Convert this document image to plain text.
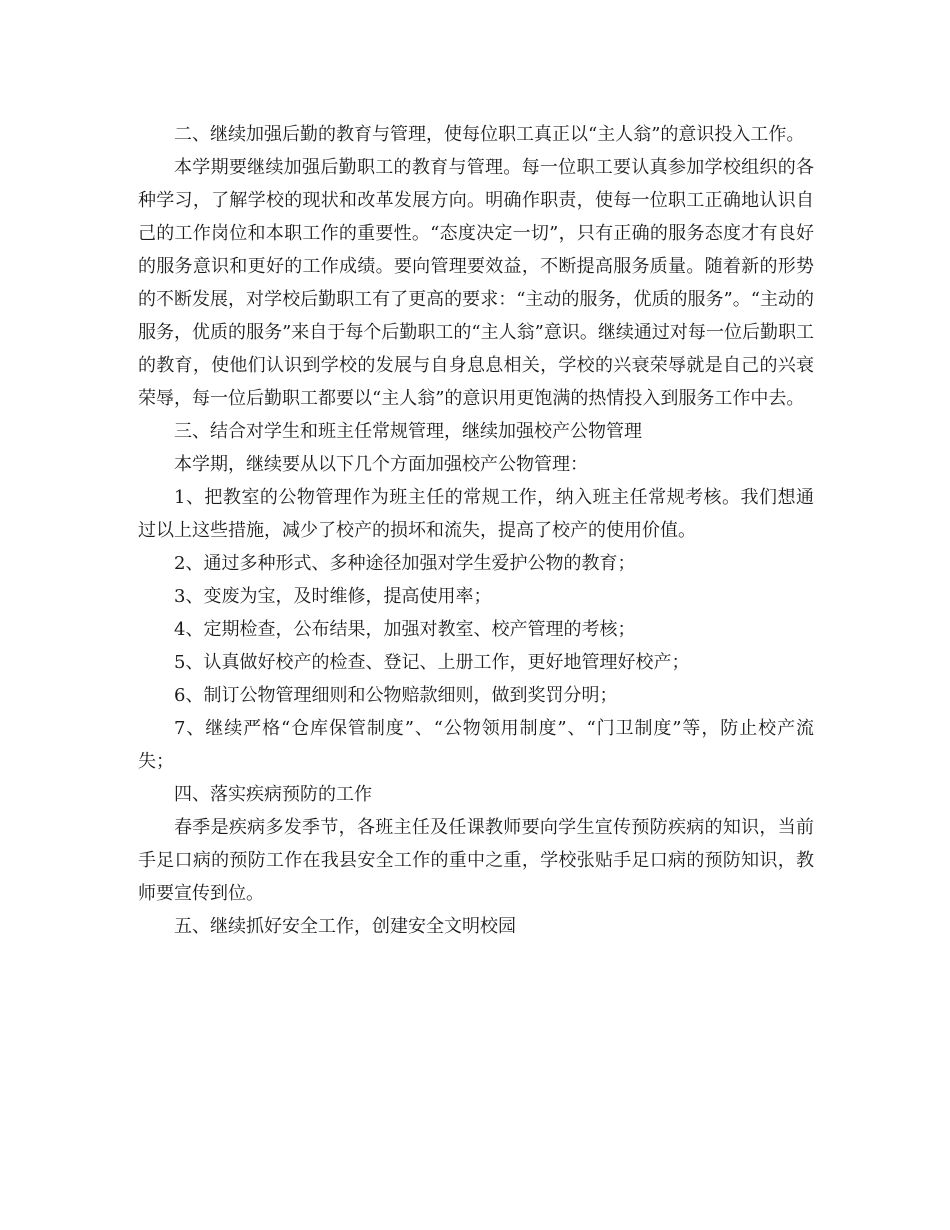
二、继续加强后勤的教育与管理，使每位职工真正以“主人翁”的意识投入工作。

本学期要继续加强后勤职工的教育与管理。每一位职工要认真参加学校组织的各种学习，了解学校的现状和改革发展方向。明确作职责，使每一位职工正确地认识自己的工作岗位和本职工作的重要性。“态度决定一切”，只有正确的服务态度才有良好的服务意识和更好的工作成绩。要向管理要效益，不断提高服务质量。随着新的形势的不断发展，对学校后勤职工有了更高的要求：“主动的服务，优质的服务”。“主动的服务，优质的服务”来自于每个后勤职工的“主人翁”意识。继续通过对每一位后勤职工的教育，使他们认识到学校的发展与自身息息相关，学校的兴衰荣辱就是自己的兴衰荣辱，每一位后勤职工都要以“主人翁”的意识用更饱满的热情投入到服务工作中去。

三、结合对学生和班主任常规管理，继续加强校产公物管理

本学期，继续要从以下几个方面加强校产公物管理：

1、把教室的公物管理作为班主任的常规工作，纳入班主任常规考核。我们想通过以上这些措施，减少了校产的损坏和流失，提高了校产的使用价值。

2、通过多种形式、多种途径加强对学生爱护公物的教育；

3、变废为宝，及时维修，提高使用率；

4、定期检查，公布结果，加强对教室、校产管理的考核；

5、认真做好校产的检查、登记、上册工作，更好地管理好校产；

6、制订公物管理细则和公物赔款细则，做到奖罚分明；

7、继续严格“仓库保管制度”、“公物领用制度”、“门卫制度”等，防止校产流失；

四、落实疾病预防的工作

春季是疾病多发季节，各班主任及任课教师要向学生宣传预防疾病的知识，当前手足口病的预防工作在我县安全工作的重中之重，学校张贴手足口病的预防知识，教师要宣传到位。

五、继续抓好安全工作，创建安全文明校园
